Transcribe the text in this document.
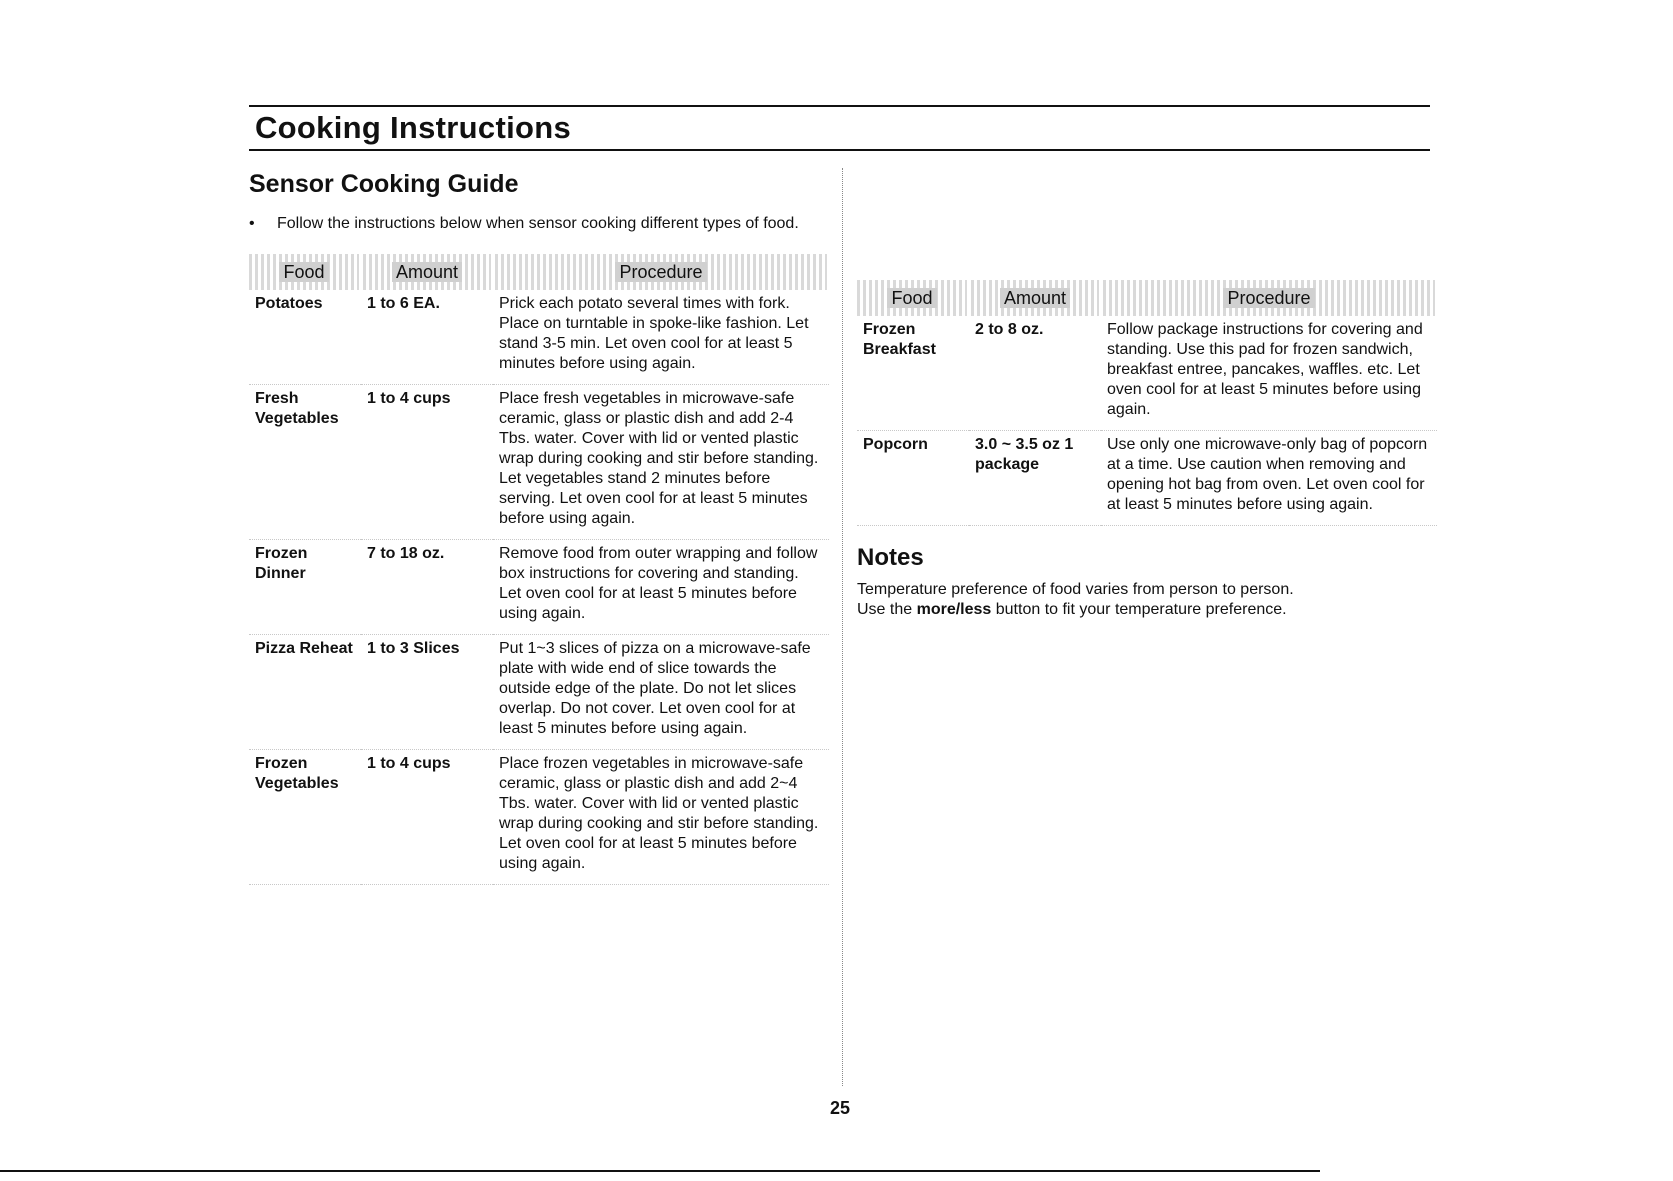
Cooking Instructions
Sensor Cooking Guide
• Follow the instructions below when sensor cooking different types of food.
Food	Amount	Procedure
Potatoes	1 to 6 EA.	Prick each potato several times with fork. Place on turntable in spoke-like fashion. Let stand 3-5 min. Let oven cool for at least 5 minutes before using again.
Fresh Vegetables	1 to 4 cups	Place fresh vegetables in microwave-safe ceramic, glass or plastic dish and add 2-4 Tbs. water. Cover with lid or vented plastic wrap during cooking and stir before standing. Let vegetables stand 2 minutes before serving. Let oven cool for at least 5 minutes before using again.
Frozen Dinner	7 to 18 oz.	Remove food from outer wrapping and follow box instructions for covering and standing. Let oven cool for at least 5 minutes before using again.
Pizza Reheat	1 to 3 Slices	Put 1~3 slices of pizza on a microwave-safe plate with wide end of slice towards the outside edge of the plate. Do not let slices overlap. Do not cover. Let oven cool for at least 5 minutes before using again.
Frozen Vegetables	1 to 4 cups	Place frozen vegetables in microwave-safe ceramic, glass or plastic dish and add 2~4 Tbs. water. Cover with lid or vented plastic wrap during cooking and stir before standing. Let oven cool for at least 5 minutes before using again.
Food	Amount	Procedure
Frozen Breakfast	2 to 8 oz.	Follow package instructions for covering and standing. Use this pad for frozen sandwich, breakfast entree, pancakes, waffles. etc. Let oven cool for at least 5 minutes before using again.
Popcorn	3.0 ~ 3.5 oz 1 package	Use only one microwave-only bag of popcorn at a time. Use caution when removing and opening hot bag from oven. Let oven cool for at least 5 minutes before using again.
Notes
Temperature preference of food varies from person to person.
Use the more/less button to fit your temperature preference.
25
